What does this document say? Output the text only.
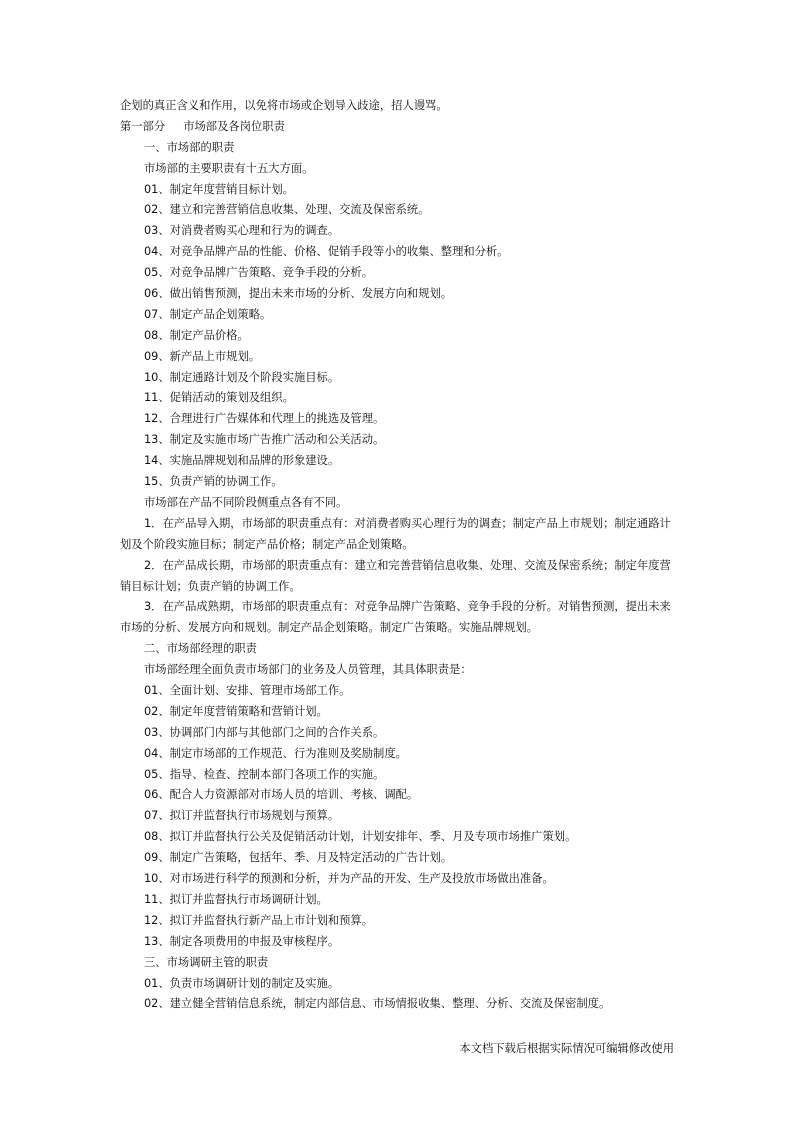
企划的真正含义和作用，以免将市场或企划导入歧途，招人谩骂。
第一部分 市场部及各岗位职责
一、市场部的职责
市场部的主要职责有十五大方面。
01、制定年度营销目标计划。
02、建立和完善营销信息收集、处理、交流及保密系统。
03、对消费者购买心理和行为的调查。
04、对竞争品牌产品的性能、价格、促销手段等小的收集、整理和分析。
05、对竞争品牌广告策略、竞争手段的分析。
06、做出销售预测，提出未来市场的分析、发展方向和规划。
07、制定产品企划策略。
08、制定产品价格。
09、新产品上市规划。
10、制定通路计划及个阶段实施目标。
11、促销活动的策划及组织。
12、合理进行广告媒体和代理上的挑选及管理。
13、制定及实施市场广告推广活动和公关活动。
14、实施品牌规划和品牌的形象建设。
15、负责产销的协调工作。
市场部在产品不同阶段侧重点各有不同。
1．在产品导入期，市场部的职责重点有：对消费者购买心理行为的调查；制定产品上市规划；制定通路计划及个阶段实施目标；制定产品价格；制定产品企划策略。
2．在产品成长期，市场部的职责重点有：建立和完善营销信息收集、处理、交流及保密系统；制定年度营销目标计划；负责产销的协调工作。
3．在产品成熟期，市场部的职责重点有：对竞争品牌广告策略、竞争手段的分析。对销售预测，提出未来市场的分析、发展方向和规划。制定产品企划策略。制定广告策略。实施品牌规划。
二、市场部经理的职责
市场部经理全面负责市场部门的业务及人员管理，其具体职责是：
01、全面计划、安排、管理市场部工作。
02、制定年度营销策略和营销计划。
03、协调部门内部与其他部门之间的合作关系。
04、制定市场部的工作规范、行为准则及奖励制度。
05、指导、检查、控制本部门各项工作的实施。
06、配合人力资源部对市场人员的培训、考核、调配。
07、拟订并监督执行市场规划与预算。
08、拟订并监督执行公关及促销活动计划，计划安排年、季、月及专项市场推广策划。
09、制定广告策略，包括年、季、月及特定活动的广告计划。
10、对市场进行科学的预测和分析，并为产品的开发、生产及投放市场做出准备。
11、拟订并监督执行市场调研计划。
12、拟订并监督执行新产品上市计划和预算。
13、制定各项费用的申报及审核程序。
三、市场调研主管的职责
01、负责市场调研计划的制定及实施。
02、建立健全营销信息系统，制定内部信息、市场情报收集、整理、分析、交流及保密制度。
本文档下载后根据实际情况可编辑修改使用
